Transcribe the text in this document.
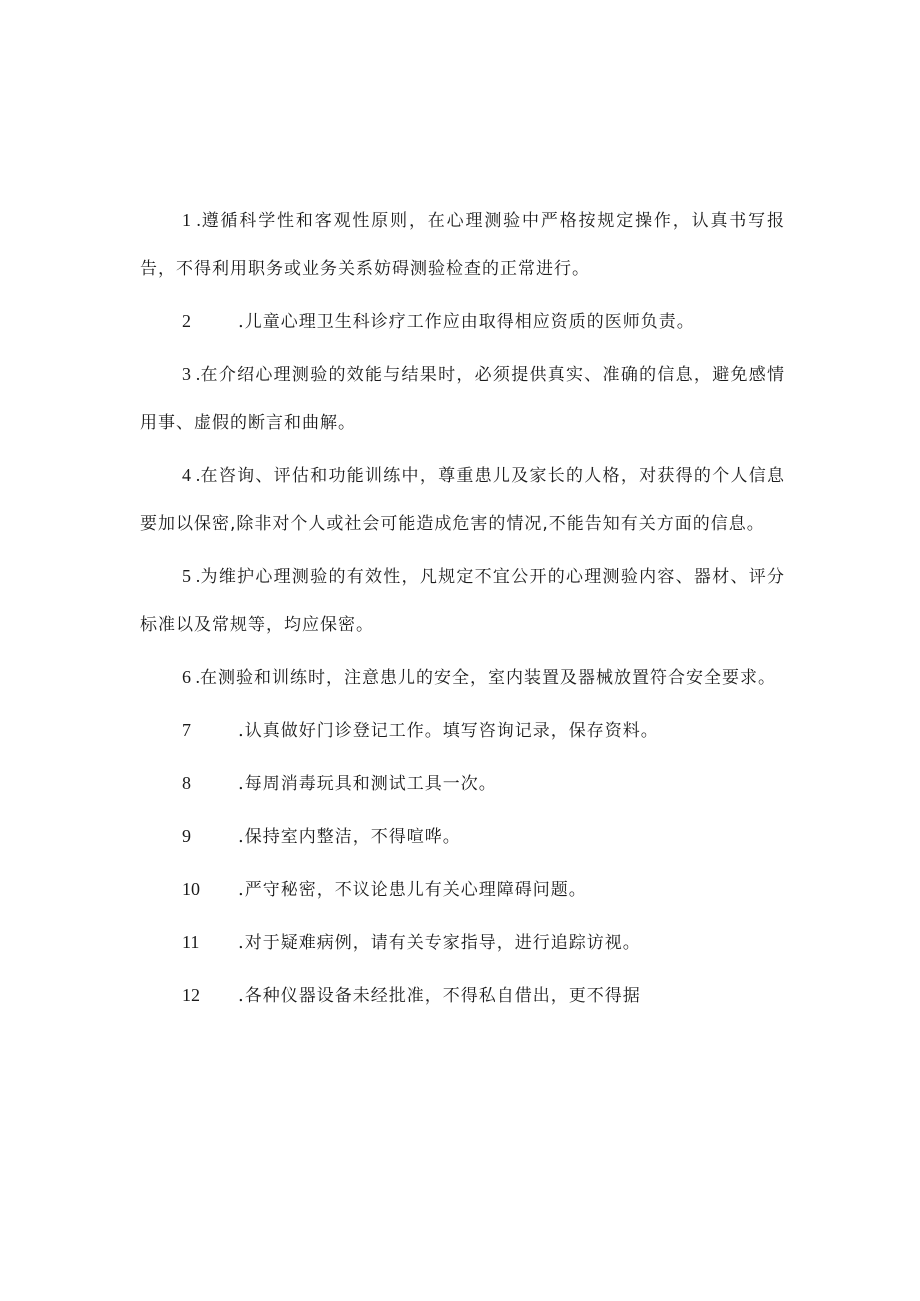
1 .遵循科学性和客观性原则，在心理测验中严格按规定操作，认真书写报告，不得利用职务或业务关系妨碍测验检查的正常进行。

2	.儿童心理卫生科诊疗工作应由取得相应资质的医师负责。

3 .在介绍心理测验的效能与结果时，必须提供真实、准确的信息，避免感情用事、虚假的断言和曲解。

4 .在咨询、评估和功能训练中，尊重患儿及家长的人格，对获得的个人信息要加以保密,除非对个人或社会可能造成危害的情况,不能告知有关方面的信息。

5 .为维护心理测验的有效性，凡规定不宜公开的心理测验内容、器材、评分标准以及常规等，均应保密。

6 .在测验和训练时，注意患儿的安全，室内装置及器械放置符合安全要求。

7	.认真做好门诊登记工作。填写咨询记录，保存资料。

8	.每周消毒玩具和测试工具一次。

9	.保持室内整洁，不得喧哗。

10 .严守秘密，不议论患儿有关心理障碍问题。

11 .对于疑难病例，请有关专家指导，进行追踪访视。

12 .各种仪器设备未经批准，不得私自借出，更不得据
